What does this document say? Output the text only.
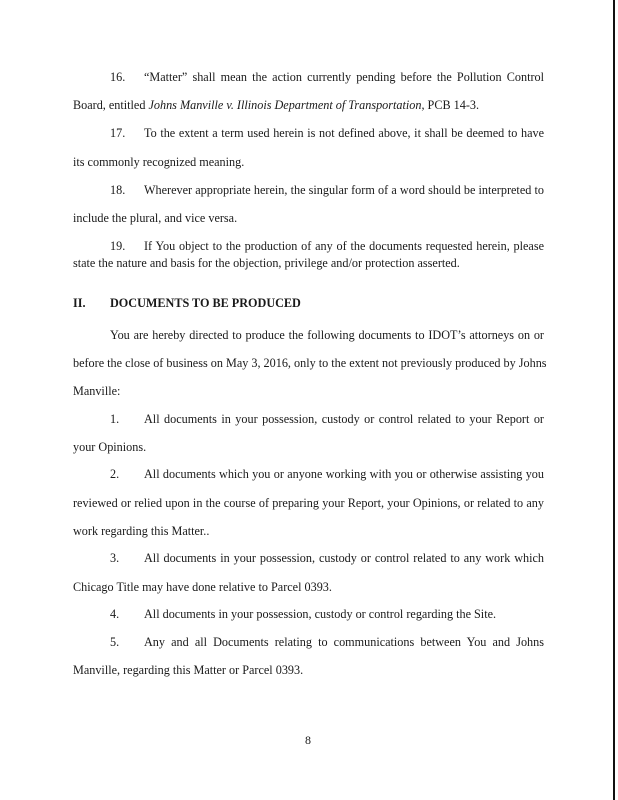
16. “Matter” shall mean the action currently pending before the Pollution Control
Board, entitled Johns Manville v. Illinois Department of Transportation, PCB 14-3.
17. To the extent a term used herein is not defined above, it shall be deemed to have
its commonly recognized meaning.
18. Wherever appropriate herein, the singular form of a word should be interpreted to
include the plural, and vice versa.
19. If You object to the production of any of the documents requested herein, please
state the nature and basis for the objection, privilege and/or protection asserted.
II. DOCUMENTS TO BE PRODUCED
You are hereby directed to produce the following documents to IDOT’s attorneys on or
before the close of business on May 3, 2016, only to the extent not previously produced by Johns
Manville:
1. All documents in your possession, custody or control related to your Report or
your Opinions.
2. All documents which you or anyone working with you or otherwise assisting you
reviewed or relied upon in the course of preparing your Report, your Opinions, or related to any
work regarding this Matter..
3. All documents in your possession, custody or control related to any work which
Chicago Title may have done relative to Parcel 0393.
4. All documents in your possession, custody or control regarding the Site.
5. Any and all Documents relating to communications between You and Johns
Manville, regarding this Matter or Parcel 0393.
8
